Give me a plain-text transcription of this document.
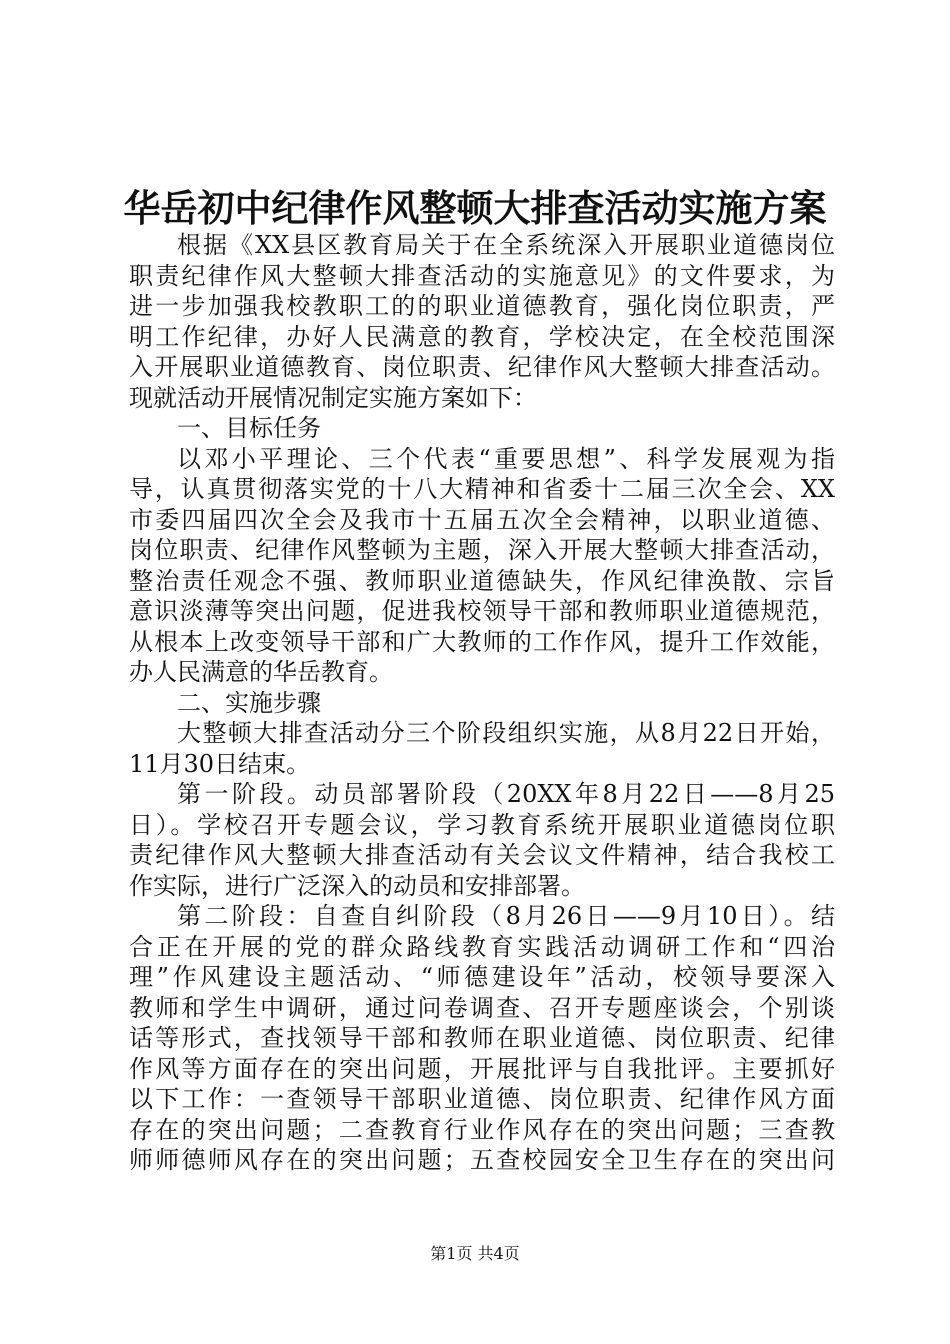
华岳初中纪律作风整顿大排查活动实施方案
根据《XX县区教育局关于在全系统深入开展职业道德岗位
职责纪律作风大整顿大排查活动的实施意见》的文件要求，为
进一步加强我校教职工的的职业道德教育，强化岗位职责，严
明工作纪律，办好人民满意的教育，学校决定，在全校范围深
入开展职业道德教育、岗位职责、纪律作风大整顿大排查活动。
现就活动开展情况制定实施方案如下：
一、目标任务
以邓小平理论、三个代表“重要思想”、科学发展观为指
导，认真贯彻落实党的十八大精神和省委十二届三次全会、XX
市委四届四次全会及我市十五届五次全会精神，以职业道德、
岗位职责、纪律作风整顿为主题，深入开展大整顿大排查活动，
整治责任观念不强、教师职业道德缺失，作风纪律涣散、宗旨
意识淡薄等突出问题，促进我校领导干部和教师职业道德规范，
从根本上改变领导干部和广大教师的工作作风，提升工作效能，
办人民满意的华岳教育。
二、实施步骤
大整顿大排查活动分三个阶段组织实施，从8月22日开始，
11月30日结束。
第一阶段。动员部署阶段（20XX年8月22日——8月25
日）。学校召开专题会议，学习教育系统开展职业道德岗位职
责纪律作风大整顿大排查活动有关会议文件精神，结合我校工
作实际，进行广泛深入的动员和安排部署。
第二阶段：自查自纠阶段（8月26日——9月10日）。结
合正在开展的党的群众路线教育实践活动调研工作和“四治
理”作风建设主题活动、“师德建设年”活动，校领导要深入
教师和学生中调研，通过问卷调查、召开专题座谈会，个别谈
话等形式，查找领导干部和教师在职业道德、岗位职责、纪律
作风等方面存在的突出问题，开展批评与自我批评。主要抓好
以下工作：一查领导干部职业道德、岗位职责、纪律作风方面
存在的突出问题；二查教育行业作风存在的突出问题；三查教
师师德师风存在的突出问题；五查校园安全卫生存在的突出问
第1页 共4页
